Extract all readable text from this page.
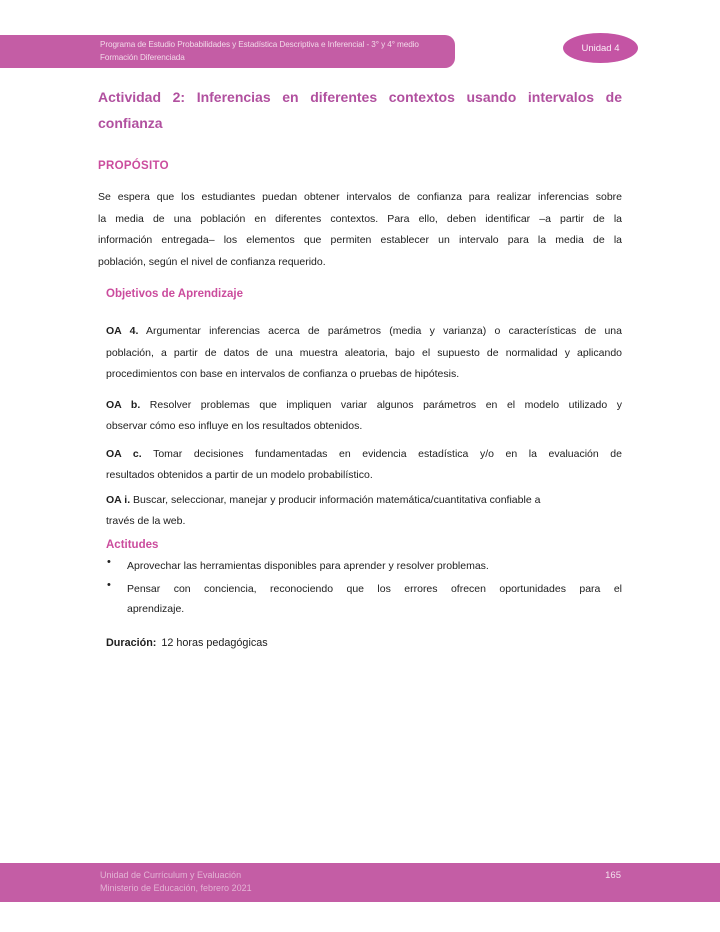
Programa de Estudio Probabilidades y Estadística Descriptiva e Inferencial - 3° y 4° medio
Formación Diferenciada
Unidad 4
Actividad 2: Inferencias en diferentes contextos usando intervalos de
confianza
PROPÓSITO
Se espera que los estudiantes puedan obtener intervalos de confianza para realizar inferencias sobre
la media de una población en diferentes contextos. Para ello, deben identificar –a partir de la
información entregada– los elementos que permiten establecer un intervalo para la media de la
población, según el nivel de confianza requerido.
Objetivos de Aprendizaje
OA 4. Argumentar inferencias acerca de parámetros (media y varianza) o características de una
población, a partir de datos de una muestra aleatoria, bajo el supuesto de normalidad y aplicando
procedimientos con base en intervalos de confianza o pruebas de hipótesis.
OA b. Resolver problemas que impliquen variar algunos parámetros en el modelo utilizado y
observar cómo eso influye en los resultados obtenidos.
OA c. Tomar decisiones fundamentadas en evidencia estadística y/o en la evaluación de
resultados obtenidos a partir de un modelo probabilístico.
OA i. Buscar, seleccionar, manejar y producir información matemática/cuantitativa confiable a
través de la web.
Actitudes
• Aprovechar las herramientas disponibles para aprender y resolver problemas.
• Pensar con conciencia, reconociendo que los errores ofrecen oportunidades para el
aprendizaje.
Duración: 12 horas pedagógicas
Unidad de Currículum y Evaluación
Ministerio de Educación, febrero 2021
165
